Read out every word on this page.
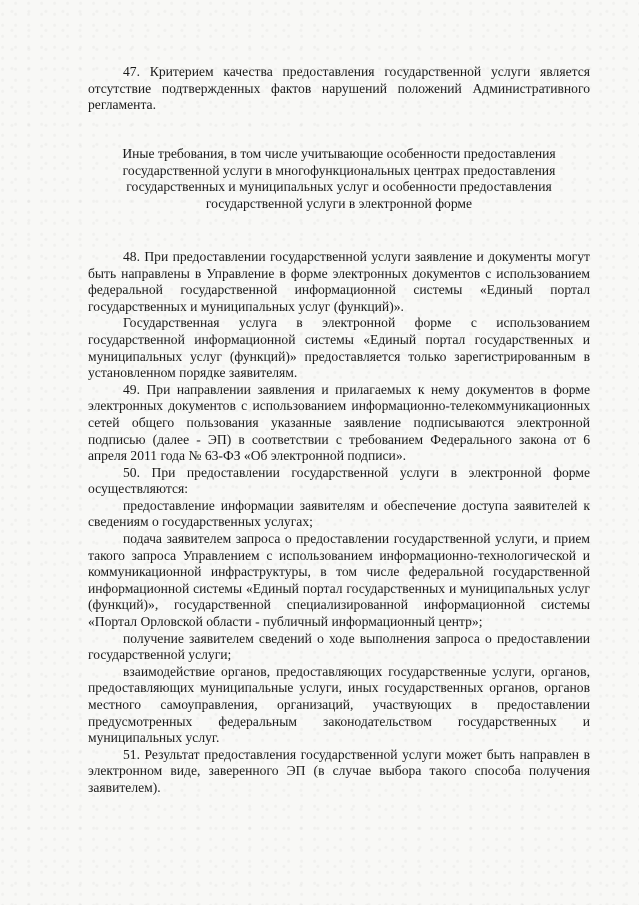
47. Критерием качества предоставления государственной услуги является отсутствие подтвержденных фактов нарушений положений Административного регламента.

Иные требования, в том числе учитывающие особенности предоставления государственной услуги в многофункциональных центрах предоставления государственных и муниципальных услуг и особенности предоставления государственной услуги в электронной форме

48. При предоставлении государственной услуги заявление и документы могут быть направлены в Управление в форме электронных документов с использованием федеральной государственной информационной системы «Единый портал государственных и муниципальных услуг (функций)».

Государственная услуга в электронной форме с использованием государственной информационной системы «Единый портал государственных и муниципальных услуг (функций)» предоставляется только зарегистрированным в установленном порядке заявителям.

49. При направлении заявления и прилагаемых к нему документов в форме электронных документов с использованием информационно-телекоммуникационных сетей общего пользования указанные заявление подписываются электронной подписью (далее - ЭП) в соответствии с требованием Федерального закона от 6 апреля 2011 года № 63-ФЗ «Об электронной подписи».

50. При предоставлении государственной услуги в электронной форме осуществляются:

предоставление информации заявителям и обеспечение доступа заявителей к сведениям о государственных услугах;

подача заявителем запроса о предоставлении государственной услуги, и прием такого запроса Управлением с использованием информационно-технологической и коммуникационной инфраструктуры, в том числе федеральной государственной информационной системы «Единый портал государственных и муниципальных услуг (функций)», государственной специализированной информационной системы «Портал Орловской области - публичный информационный центр»;

получение заявителем сведений о ходе выполнения запроса о предоставлении государственной услуги;

взаимодействие органов, предоставляющих государственные услуги, органов, предоставляющих муниципальные услуги, иных государственных органов, органов местного самоуправления, организаций, участвующих в предоставлении предусмотренных федеральным законодательством государственных и муниципальных услуг.

51. Результат предоставления государственной услуги может быть направлен в электронном виде, заверенного ЭП (в случае выбора такого способа получения заявителем).
